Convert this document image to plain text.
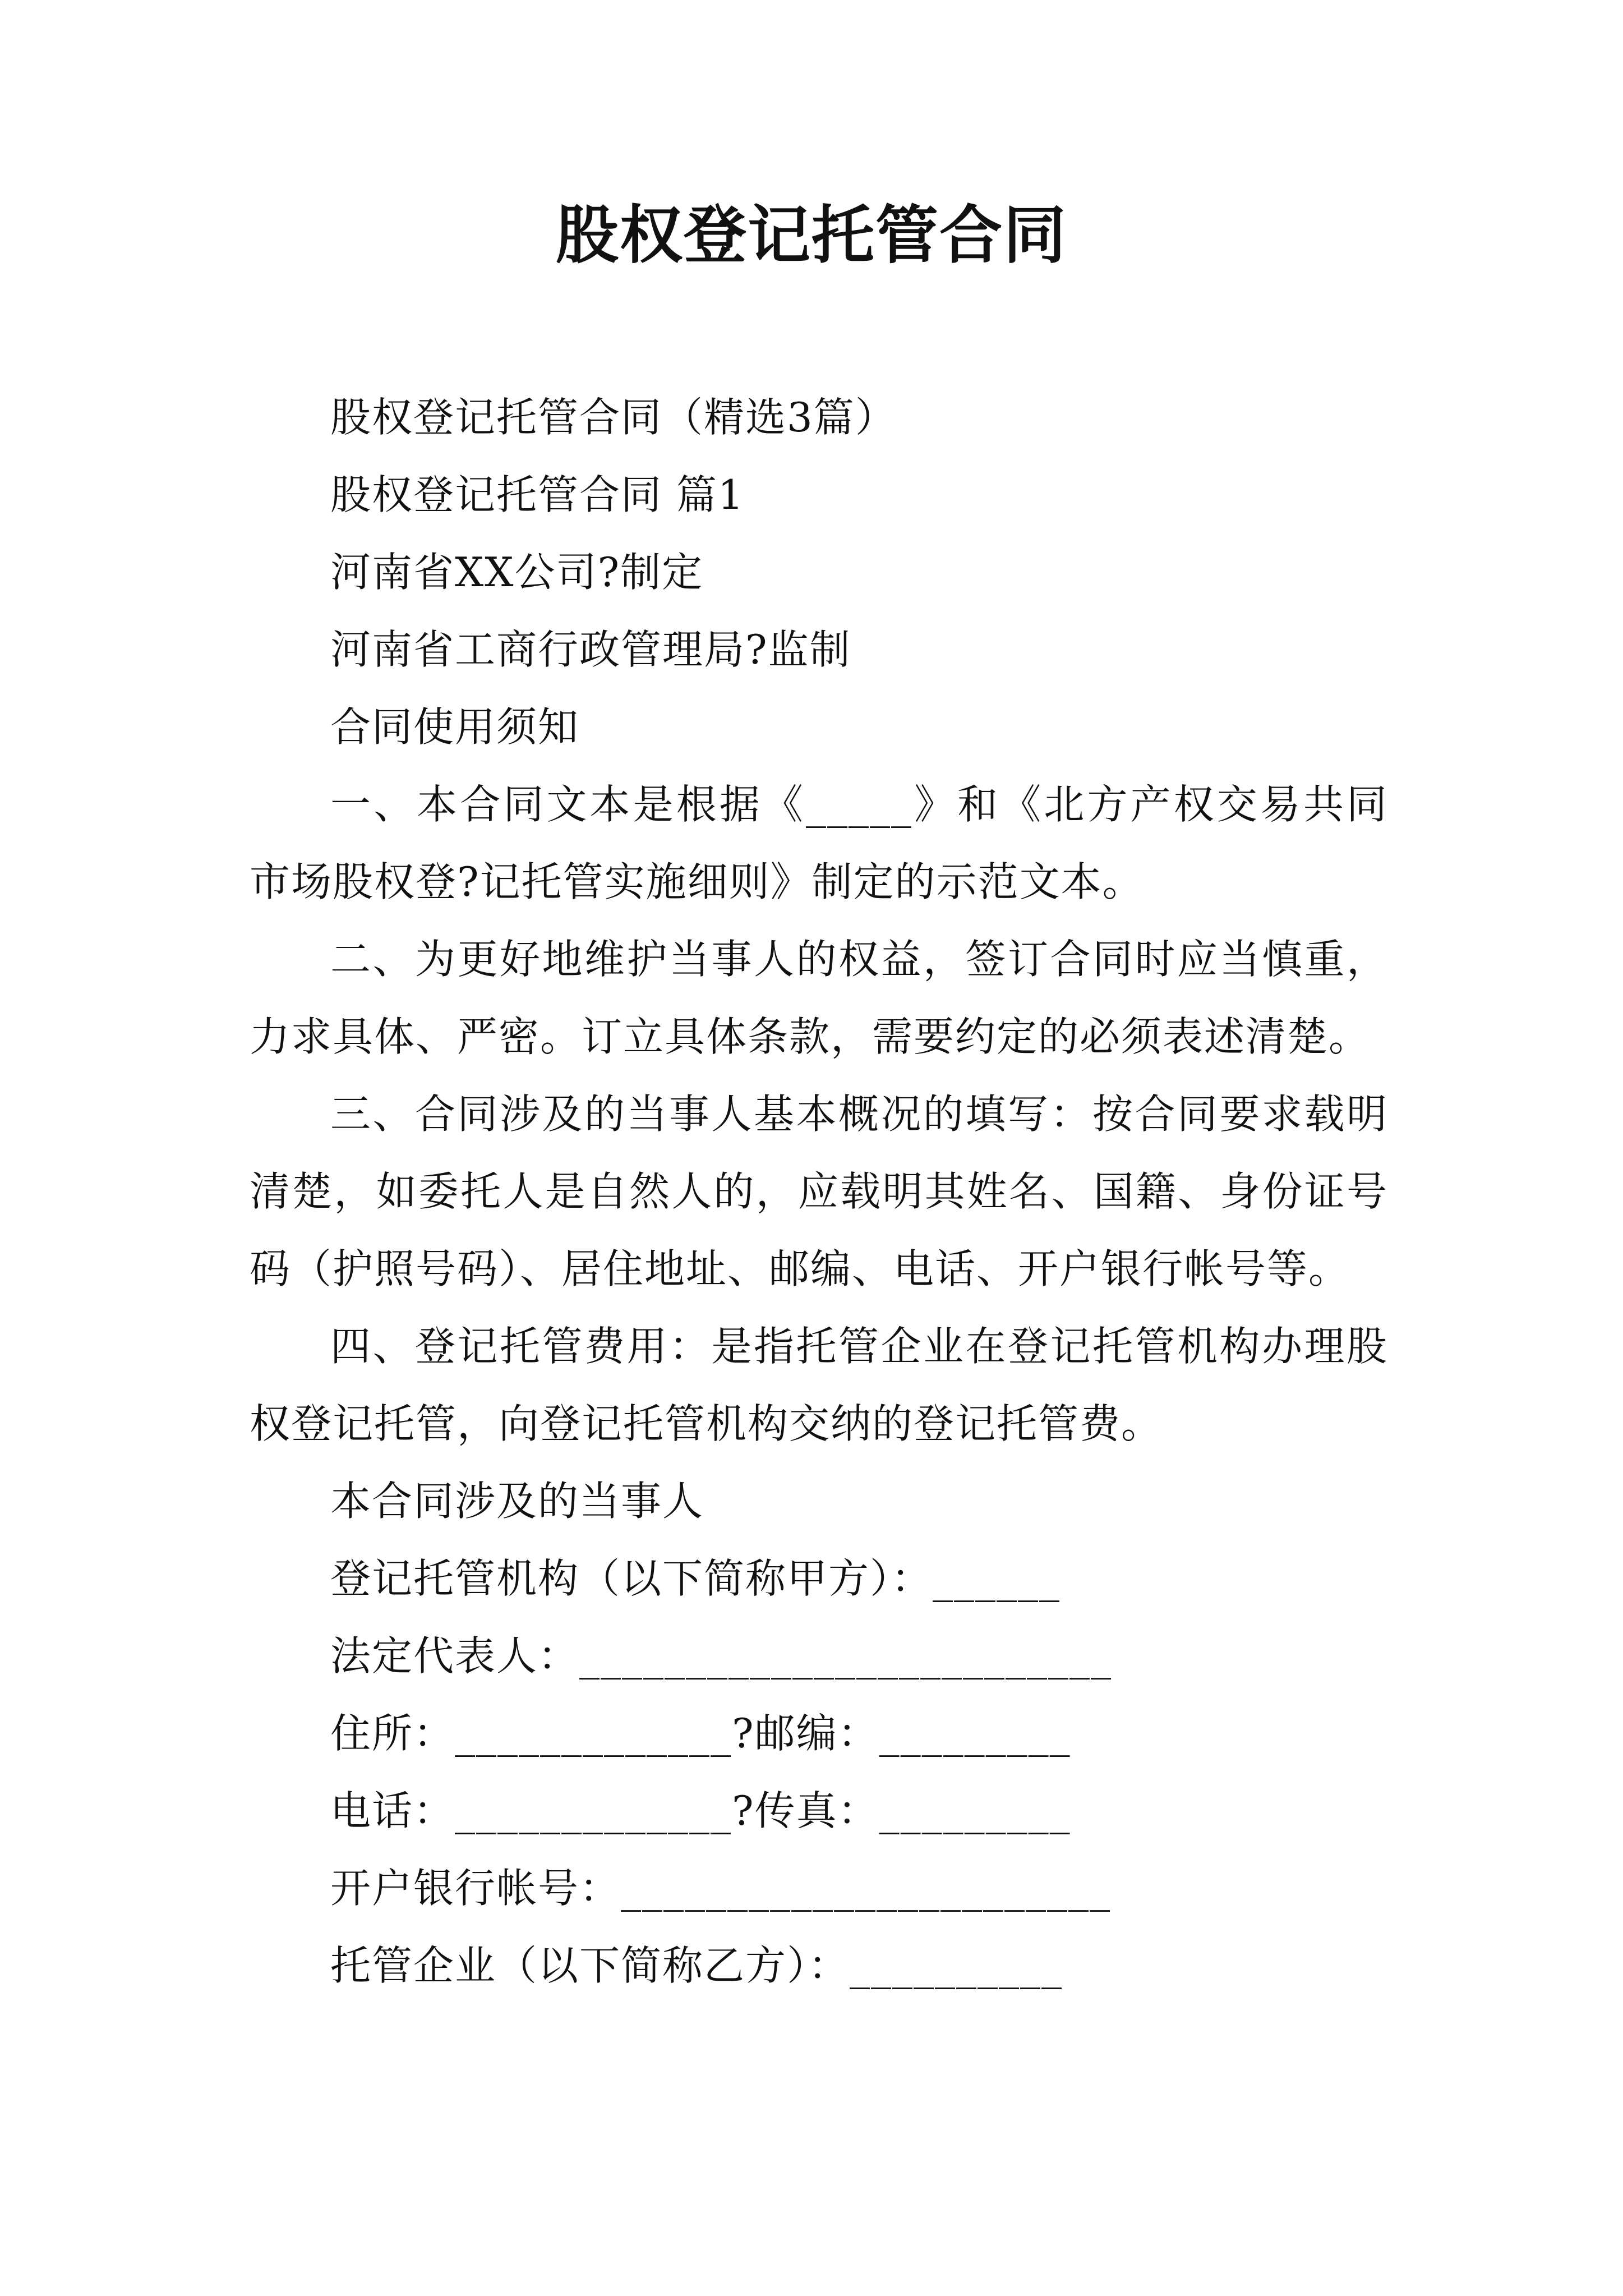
股权登记托管合同

股权登记托管合同（精选3篇）

股权登记托管合同 篇1

河南省XX公司?制定

河南省工商行政管理局?监制

合同使用须知

一、本合同文本是根据《_____》和《北方产权交易共同市场股权登?记托管实施细则》制定的示范文本。

二、为更好地维护当事人的权益，签订合同时应当慎重，力求具体、严密。订立具体条款，需要约定的必须表述清楚。

三、合同涉及的当事人基本概况的填写：按合同要求载明清楚，如委托人是自然人的，应载明其姓名、国籍、身份证号码（护照号码）、居住地址、邮编、电话、开户银行帐号等。

四、登记托管费用：是指托管企业在登记托管机构办理股权登记托管，向登记托管机构交纳的登记托管费。

本合同涉及的当事人

登记托管机构（以下简称甲方）：______

法定代表人：_________________________

住所：_____________?邮编：_________

电话：_____________?传真：_________

开户银行帐号：_______________________

托管企业（以下简称乙方）：__________
